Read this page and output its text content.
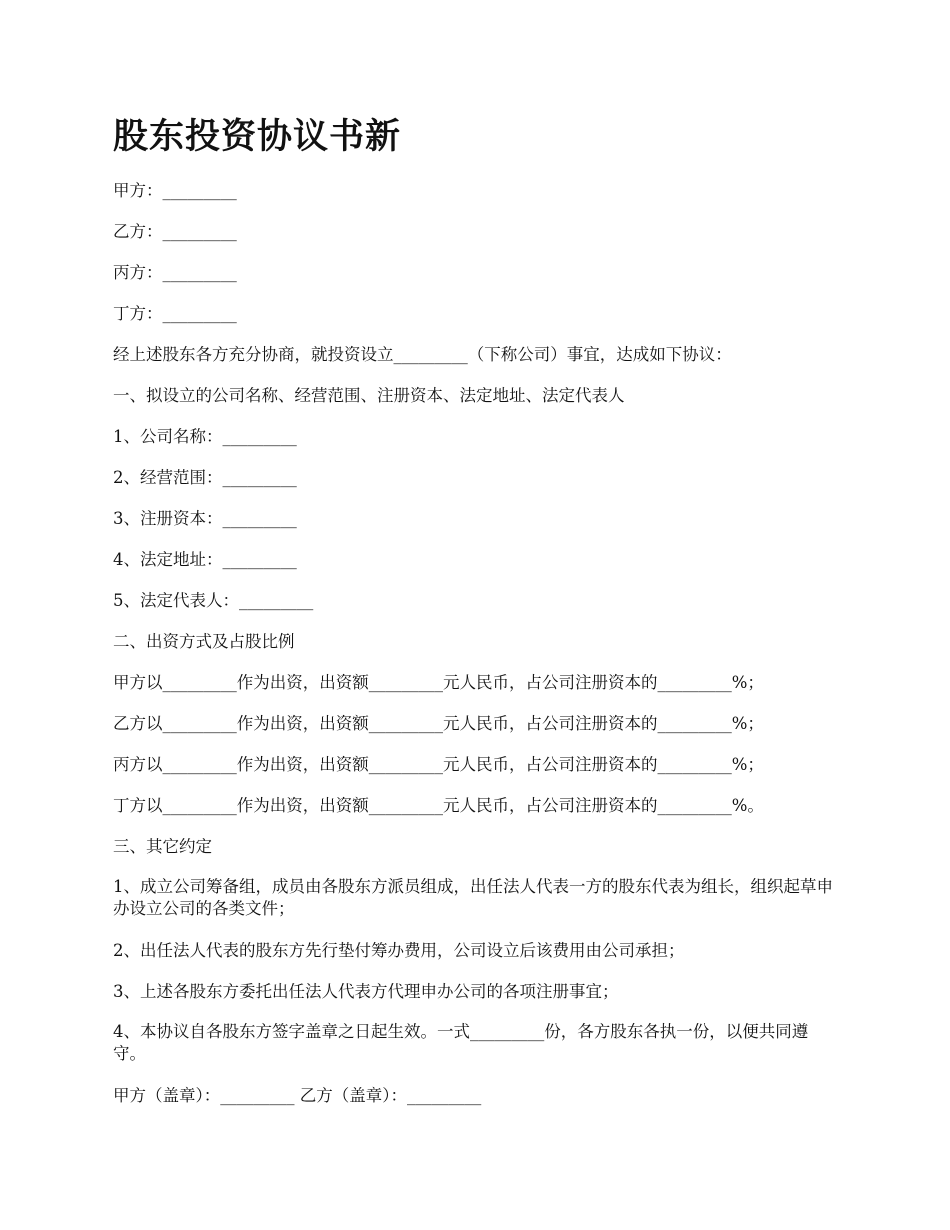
股东投资协议书新

甲方：_________

乙方：_________

丙方：_________

丁方：_________

经上述股东各方充分协商，就投资设立_________（下称公司）事宜，达成如下协议：

一、拟设立的公司名称、经营范围、注册资本、法定地址、法定代表人

1、公司名称：_________

2、经营范围：_________

3、注册资本：_________

4、法定地址：_________

5、法定代表人：_________

二、出资方式及占股比例

甲方以_________作为出资，出资额_________元人民币，占公司注册资本的_________%；

乙方以_________作为出资，出资额_________元人民币，占公司注册资本的_________%；

丙方以_________作为出资，出资额_________元人民币，占公司注册资本的_________%；

丁方以_________作为出资，出资额_________元人民币，占公司注册资本的_________%。

三、其它约定

1、成立公司筹备组，成员由各股东方派员组成，出任法人代表一方的股东代表为组长，组织起草申办设立公司的各类文件；

2、出任法人代表的股东方先行垫付筹办费用，公司设立后该费用由公司承担；

3、上述各股东方委托出任法人代表方代理申办公司的各项注册事宜；

4、本协议自各股东方签字盖章之日起生效。一式_________份，各方股东各执一份，以便共同遵守。

甲方（盖章）：_________ 乙方（盖章）：_________
